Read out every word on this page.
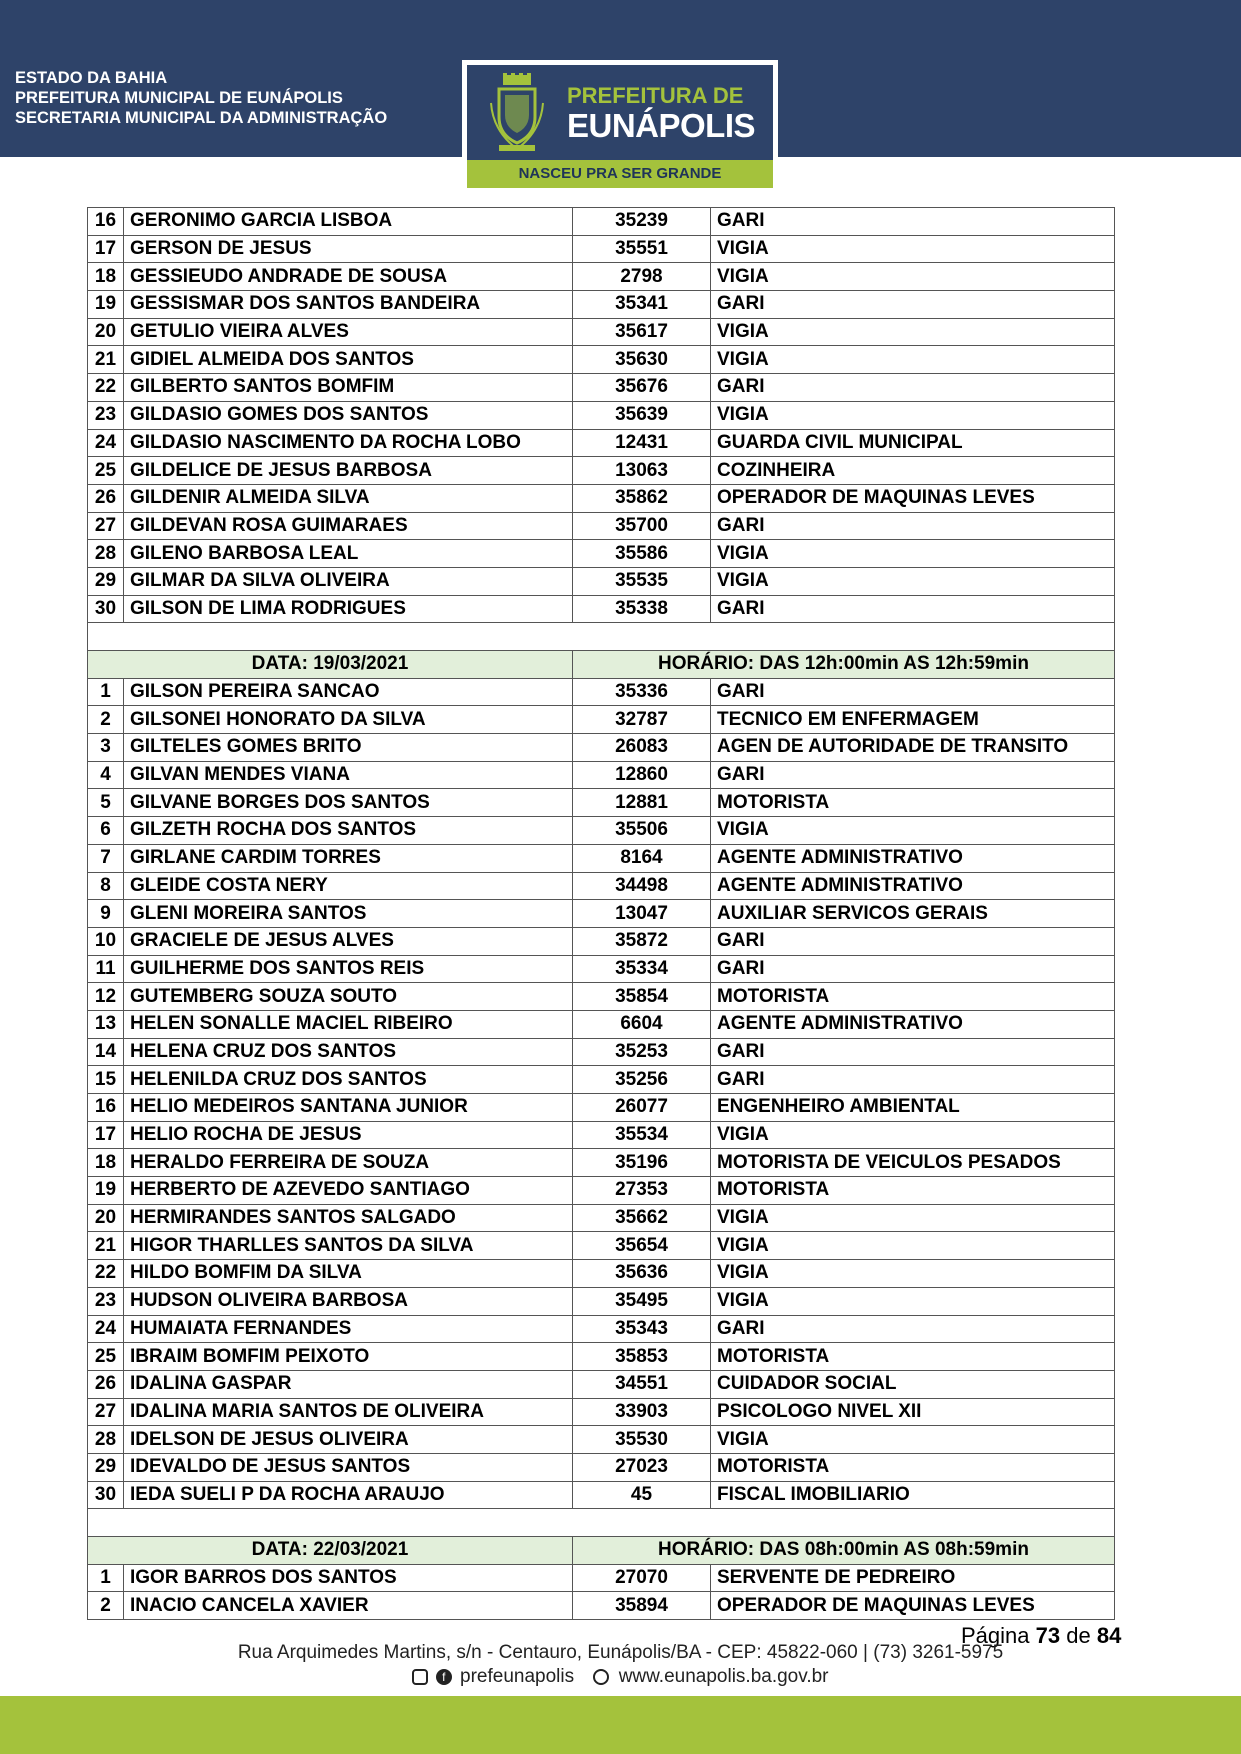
ESTADO DA BAHIA
PREFEITURA MUNICIPAL DE EUNÁPOLIS
SECRETARIA MUNICIPAL DA ADMINISTRAÇÃO
PREFEITURA DE
EUNÁPOLIS
NASCEU PRA SER GRANDE
16	GERONIMO GARCIA LISBOA	35239	GARI
17	GERSON DE JESUS	35551	VIGIA
18	GESSIEUDO ANDRADE DE SOUSA	2798	VIGIA
19	GESSISMAR DOS SANTOS BANDEIRA	35341	GARI
20	GETULIO VIEIRA ALVES	35617	VIGIA
21	GIDIEL ALMEIDA DOS SANTOS	35630	VIGIA
22	GILBERTO SANTOS BOMFIM	35676	GARI
23	GILDASIO GOMES DOS SANTOS	35639	VIGIA
24	GILDASIO NASCIMENTO DA ROCHA LOBO	12431	GUARDA CIVIL MUNICIPAL
25	GILDELICE DE JESUS BARBOSA	13063	COZINHEIRA
26	GILDENIR ALMEIDA SILVA	35862	OPERADOR DE MAQUINAS LEVES
27	GILDEVAN ROSA GUIMARAES	35700	GARI
28	GILENO BARBOSA LEAL	35586	VIGIA
29	GILMAR DA SILVA OLIVEIRA	35535	VIGIA
30	GILSON DE LIMA RODRIGUES	35338	GARI

DATA: 19/03/2021		HORÁRIO: DAS 12h:00min AS 12h:59min	
1	GILSON PEREIRA SANCAO	35336	GARI
2	GILSONEI HONORATO DA SILVA	32787	TECNICO EM ENFERMAGEM
3	GILTELES GOMES BRITO	26083	AGEN DE AUTORIDADE DE TRANSITO
4	GILVAN MENDES VIANA	12860	GARI
5	GILVANE BORGES DOS SANTOS	12881	MOTORISTA
6	GILZETH ROCHA DOS SANTOS	35506	VIGIA
7	GIRLANE CARDIM TORRES	8164	AGENTE ADMINISTRATIVO
8	GLEIDE COSTA NERY	34498	AGENTE ADMINISTRATIVO
9	GLENI MOREIRA SANTOS	13047	AUXILIAR SERVICOS GERAIS
10	GRACIELE DE JESUS ALVES	35872	GARI
11	GUILHERME DOS SANTOS REIS	35334	GARI
12	GUTEMBERG SOUZA SOUTO	35854	MOTORISTA
13	HELEN SONALLE MACIEL RIBEIRO	6604	AGENTE ADMINISTRATIVO
14	HELENA CRUZ DOS SANTOS	35253	GARI
15	HELENILDA CRUZ DOS SANTOS	35256	GARI
16	HELIO MEDEIROS SANTANA JUNIOR	26077	ENGENHEIRO AMBIENTAL
17	HELIO ROCHA DE JESUS	35534	VIGIA
18	HERALDO FERREIRA DE SOUZA	35196	MOTORISTA DE VEICULOS PESADOS
19	HERBERTO DE AZEVEDO SANTIAGO	27353	MOTORISTA
20	HERMIRANDES SANTOS SALGADO	35662	VIGIA
21	HIGOR THARLLES SANTOS DA SILVA	35654	VIGIA
22	HILDO BOMFIM DA SILVA	35636	VIGIA
23	HUDSON OLIVEIRA BARBOSA	35495	VIGIA
24	HUMAIATA FERNANDES	35343	GARI
25	IBRAIM BOMFIM PEIXOTO	35853	MOTORISTA
26	IDALINA GASPAR	34551	CUIDADOR SOCIAL
27	IDALINA MARIA SANTOS DE OLIVEIRA	33903	PSICOLOGO NIVEL XII
28	IDELSON DE JESUS OLIVEIRA	35530	VIGIA
29	IDEVALDO DE JESUS SANTOS	27023	MOTORISTA
30	IEDA SUELI P DA ROCHA ARAUJO	45	FISCAL IMOBILIARIO

DATA: 22/03/2021		HORÁRIO: DAS 08h:00min AS 08h:59min	
1	IGOR BARROS DOS SANTOS	27070	SERVENTE DE PEDREIRO
2	INACIO CANCELA XAVIER	35894	OPERADOR DE MAQUINAS LEVES
Página 73 de 84
Rua Arquimedes Martins, s/n - Centauro, Eunápolis/BA - CEP: 45822-060 | (73) 3261-5975
f prefeunapolis www.eunapolis.ba.gov.br
